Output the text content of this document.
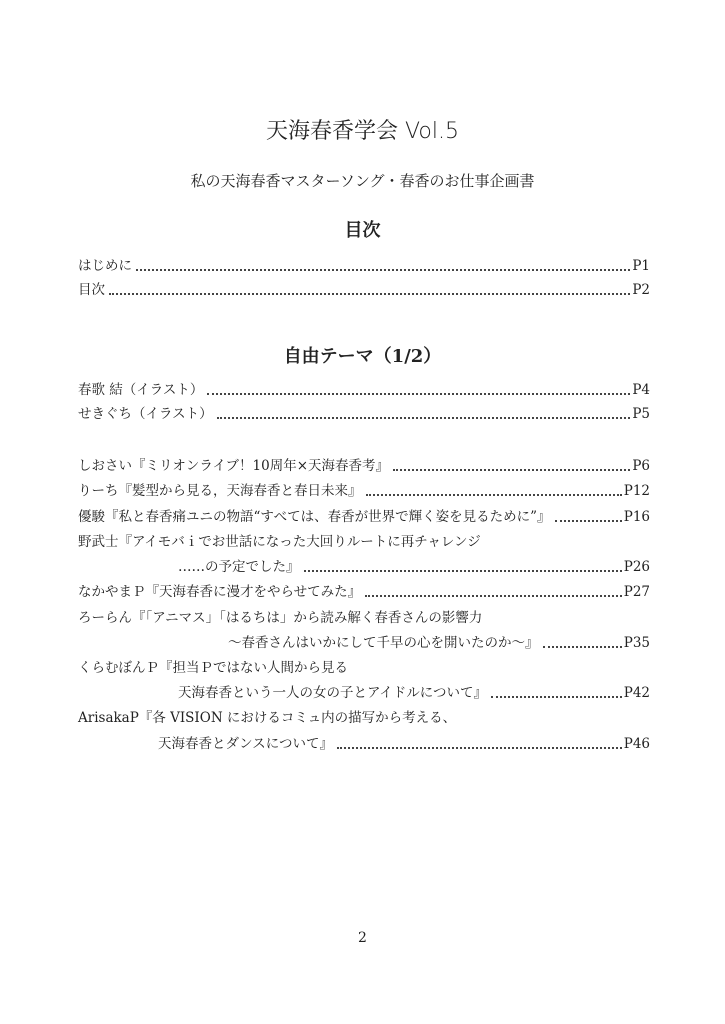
天海春香学会 Vol.5
私の天海春香マスターソング・春香のお仕事企画書
目次
自由テーマ（1/2）
はじめに	P1
目次	P2
春歌 結（イラスト）	P4
せきぐち（イラスト）	P5
しおさい『ミリオンライブ！10周年×天海春香考』	P6
りーち『髪型から見る，天海春香と春日未来』	P12
優駿『私と春香痛ユニの物語“すべては、春香が世界で輝く姿を見るために”』	P16
野武士『アイモバｉでお世話になった大回りルートに再チャレンジ
……の予定でした』	P26
なかやまＰ『天海春香に漫才をやらせてみた』	P27
ろーらん『「アニマス」「はるちは」から読み解く春香さんの影響力
～春香さんはいかにして千早の心を開いたのか～』	P35
くらむぼんＰ『担当Ｐではない人間から見る
天海春香という一人の女の子とアイドルについて』	P42
ArisakaP『各 VISION におけるコミュ内の描写から考える、
天海春香とダンスについて』	P46
2
